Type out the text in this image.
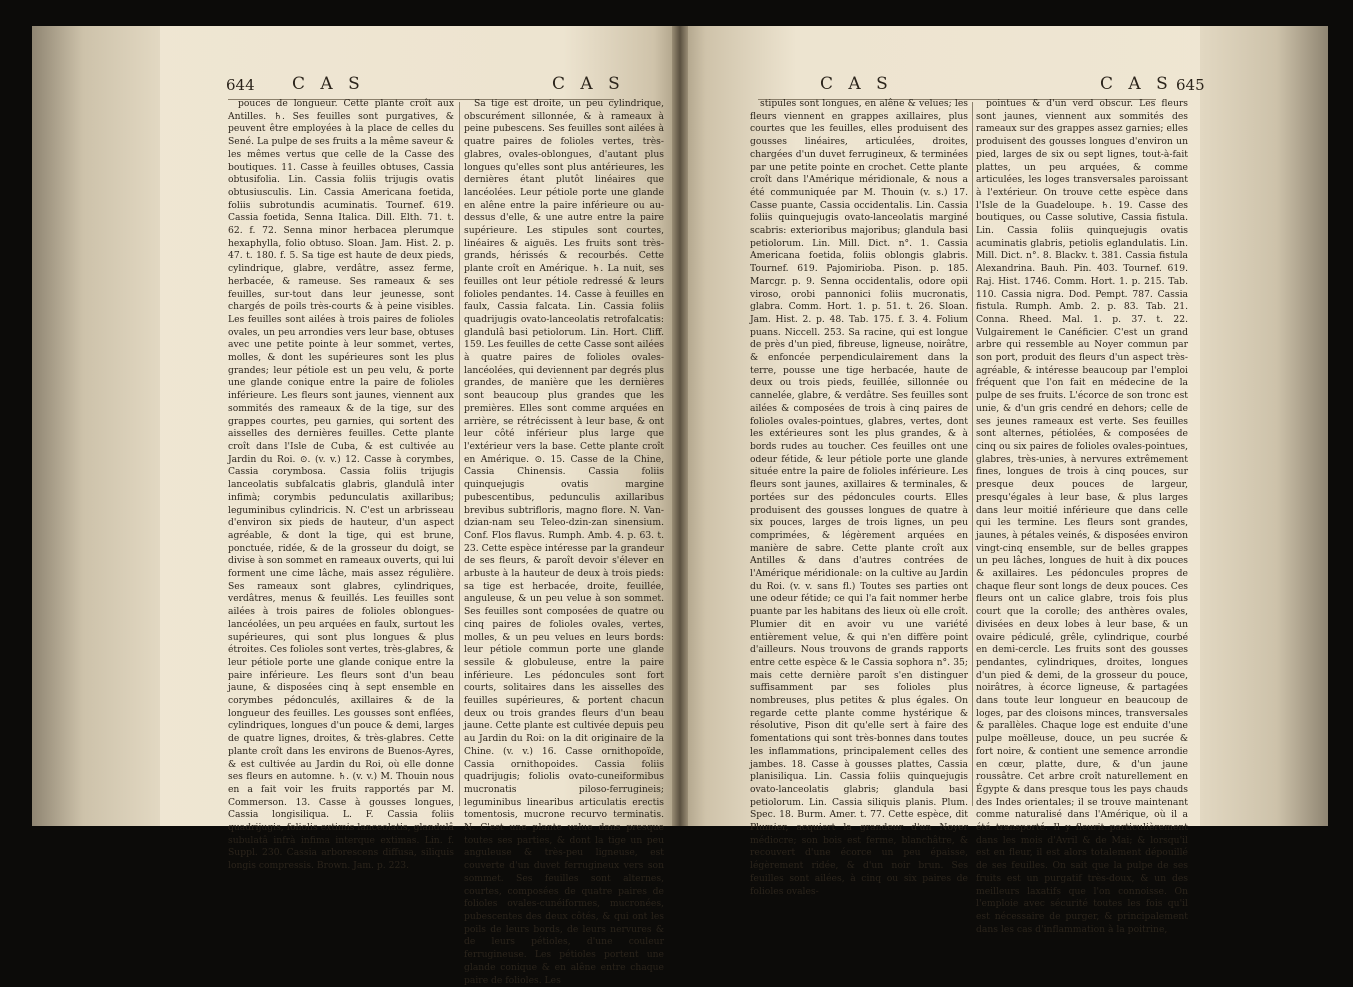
644 C A S	C A S

pouces de longueur. Cette plante croît aux Antilles. ♄. Ses feuilles sont purgatives, & peuvent être employées à la place de celles du Sené. La pulpe de ses fruits a la même saveur & les mêmes vertus que celle de la Casse des boutiques. 11. Casse à feuilles obtuses, Cassia obtusifolia. Lin. Cassia foliis trijugis ovatis obtusiusculis. Lin. Cassia Americana foetida, foliis subrotundis acuminatis. Tournef. 619. Cassia foetida, Senna Italica. Dill. Elth. 71. t. 62. f. 72. Senna minor herbacea plerumque hexaphylla, folio obtuso. Sloan. Jam. Hist. 2. p. 47. t. 180. f. 5. Sa tige est haute de deux pieds, cylindrique, glabre, verdâtre, assez ferme, herbacée, & rameuse. Ses rameaux & ses feuilles, sur-tout dans leur jeunesse, sont chargés de poils très-courts & à peine visibles. Les feuilles sont ailées à trois paires de folioles ovales, un peu arrondies vers leur base, obtuses avec une petite pointe à leur sommet, vertes, molles, & dont les supérieures sont les plus grandes; leur pétiole est un peu velu, & porte une glande conique entre la paire de folioles inférieure. Les fleurs sont jaunes, viennent aux sommités des rameaux & de la tige, sur des grappes courtes, peu garnies, qui sortent des aisselles des dernières feuilles. Cette plante croît dans l'Isle de Cuba, & est cultivée au Jardin du Roi. ⊙. (v. v.) 12. Casse à corymbes, Cassia corymbosa. Cassia foliis trijugis lanceolatis subfalcatis glabris, glandulâ inter infimà; corymbis pedunculatis axillaribus; leguminibus cylindricis. N. C'est un arbrisseau d'environ six pieds de hauteur, d'un aspect agréable, & dont la tige, qui est brune, ponctuée, ridée, & de la grosseur du doigt, se divise à son sommet en rameaux ouverts, qui lui forment une cime lâche, mais assez régulière. Ses rameaux sont glabres, cylindriques, verdâtres, menus & feuillés. Les feuilles sont ailées à trois paires de folioles oblongues-lancéolées, un peu arquées en faulx, surtout les supérieures, qui sont plus longues & plus étroites. Ces folioles sont vertes, très-glabres, & leur pétiole porte une glande conique entre la paire inférieure. Les fleurs sont d'un beau jaune, & disposées cinq à sept ensemble en corymbes pédonculés, axillaires & de la longueur des feuilles. Les gousses sont enflées, cylindriques, longues d'un pouce & demi, larges de quatre lignes, droites, & très-glabres. Cette plante croît dans les environs de Buenos-Ayres, & est cultivée au Jardin du Roi, où elle donne ses fleurs en automne. ♄. (v. v.) M. Thouin nous en a fait voir les fruits rapportés par M. Commerson. 13. Casse à gousses longues, Cassia longisiliqua. L. F. Cassia foliis quadrijugis, foliolis extimis lanceolatis, glandulâ subulatâ infrà infima interque extimas. Lin. f. Suppl. 230. Cassia arborescens diffusa, siliquis longis compressis. Brown. Jam. p. 223.

Sa tige est droite, un peu cylindrique, obscurément sillonnée, & à rameaux à peine pubescens. Ses feuilles sont ailées à quatre paires de folioles vertes, très-glabres, ovales-oblongues, d'autant plus longues qu'elles sont plus antérieures, les dernières étant plutôt linéaires que lancéolées. Leur pétiole porte une glande en alêne entre la paire inférieure ou au-dessus d'elle, & une autre entre la paire supérieure. Les stipules sont courtes, linéaires & aiguës. Les fruits sont très-grands, hérissés & recourbés. Cette plante croît en Amérique. ♄. La nuit, ses feuilles ont leur pétiole redressé & leurs folioles pendantes. 14. Casse à feuilles en faulx, Cassia falcata. Lin. Cassia foliis quadrijugis ovato-lanceolatis retrofalcatis: glandulâ basi petiolorum. Lin. Hort. Cliff. 159. Les feuilles de cette Casse sont ailées à quatre paires de folioles ovales-lancéolées, qui deviennent par degrés plus grandes, de manière que les dernières sont beaucoup plus grandes que les premières. Elles sont comme arquées en arrière, se rétrécissent à leur base, & ont leur côté inférieur plus large que l'extérieur vers la base. Cette plante croît en Amérique. ⊙. 15. Casse de la Chine, Cassia Chinensis. Cassia foliis quinquejugis ovatis margine pubescentibus, pedunculis axillaribus brevibus subtrifloris, magno flore. N. Van-dzian-nam seu Teleo-dzin-zan sinensium. Conf. Flos flavus. Rumph. Amb. 4. p. 63. t. 23. Cette espèce intéresse par la grandeur de ses fleurs, & paroît devoir s'élever en arbuste à la hauteur de deux à trois pieds: sa tige est herbacée, droite, feuillée, anguleuse, & un peu velue à son sommet. Ses feuilles sont composées de quatre ou cinq paires de folioles ovales, vertes, molles, & un peu velues en leurs bords: leur pétiole commun porte une glande sessile & globuleuse, entre la paire inférieure. Les pédoncules sont fort courts, solitaires dans les aisselles des feuilles supérieures, & portent chacun deux ou trois grandes fleurs d'un beau jaune. Cette plante est cultivée depuis peu au Jardin du Roi: on la dit originaire de la Chine. (v. v.) 16. Casse ornithopoïde, Cassia ornithopoides. Cassia foliis quadrijugis; foliolis ovato-cuneiformibus mucronatis piloso-ferrugineis; leguminibus linearibus articulatis erectis tomentosis, mucrone recurvo terminatis. N. C'est une plante velue dans presque toutes ses parties, & dont la tige un peu anguleuse & très-peu ligneuse, est couverte d'un duvet ferrugineux vers son sommet. Ses feuilles sont alternes, courtes, composées de quatre paires de folioles ovales-cunéiformes, mucronées, pubescentes des deux côtés, & qui ont les poils de leurs bords, de leurs nervures & de leurs pétioles, d'une couleur ferrugineuse. Les pétioles portent une glande conique & en alêne entre chaque paire de folioles. Les

C A S	C A S 645

stipules sont longues, en alêne & velues; les fleurs viennent en grappes axillaires, plus courtes que les feuilles, elles produisent des gousses linéaires, articulées, droites, chargées d'un duvet ferrugineux, & terminées par une petite pointe en crochet. Cette plante croît dans l'Amérique méridionale, & nous a été communiquée par M. Thouin (v. s.) 17. Casse puante, Cassia occidentalis. Lin. Cassia foliis quinquejugis ovato-lanceolatis marginé scabris: exterioribus majoribus; glandula basi petiolorum. Lin. Mill. Dict. n°. 1. Cassia Americana foetida, foliis oblongis glabris. Tournef. 619. Pajomirioba. Pison. p. 185. Marcgr. p. 9. Senna occidentalis, odore opii viroso, orobi pannonici foliis mucronatis, glabra. Comm. Hort. 1. p. 51. t. 26. Sloan. Jam. Hist. 2. p. 48. Tab. 175. f. 3. 4. Folium puans. Niccell. 253. Sa racine, qui est longue de près d'un pied, fibreuse, ligneuse, noirâtre, & enfoncée perpendiculairement dans la terre, pousse une tige herbacée, haute de deux ou trois pieds, feuillée, sillonnée ou cannelée, glabre, & verdâtre. Ses feuilles sont ailées & composées de trois à cinq paires de folioles ovales-pointues, glabres, vertes, dont les extérieures sont les plus grandes, & à bords rudes au toucher. Ces feuilles ont une odeur fétide, & leur pétiole porte une glande située entre la paire de folioles inférieure. Les fleurs sont jaunes, axillaires & terminales, & portées sur des pédoncules courts. Elles produisent des gousses longues de quatre à six pouces, larges de trois lignes, un peu comprimées, & légèrement arquées en manière de sabre. Cette plante croît aux Antilles & dans d'autres contrées de l'Amérique méridionale: on la cultive au Jardin du Roi. (v. v. sans fl.) Toutes ses parties ont une odeur fétide; ce qui l'a fait nommer herbe puante par les habitans des lieux où elle croît. Plumier dit en avoir vu une variété entièrement velue, & qui n'en diffère point d'ailleurs. Nous trouvons de grands rapports entre cette espèce & le Cassia sophora n°. 35; mais cette dernière paroît s'en distinguer suffisamment par ses folioles plus nombreuses, plus petites & plus égales. On regarde cette plante comme hystérique & résolutive, Pison dit qu'elle sert à faire des fomentations qui sont très-bonnes dans toutes les inflammations, principalement celles des jambes. 18. Casse à gousses plattes, Cassia planisiliqua. Lin. Cassia foliis quinquejugis ovato-lanceolatis glabris; glandula basi petiolorum. Lin. Cassia siliquis planis. Plum. Spec. 18. Burm. Amer. t. 77. Cette espèce, dit Plumier, acquiert la grandeur d'un Noyer médiocre; son bois est ferme, blanchâtre, & recouvert d'une écorce un peu épaisse, légèrement ridée, & d'un noir brun. Ses feuilles sont ailées, à cinq ou six paires de folioles ovales-

pointues & d'un verd obscur. Les fleurs sont jaunes, viennent aux sommités des rameaux sur des grappes assez garnies; elles produisent des gousses longues d'environ un pied, larges de six ou sept lignes, tout-à-fait plattes, un peu arquées, & comme articulées, les loges transversales paroissant à l'extérieur. On trouve cette espèce dans l'Isle de la Guadeloupe. ♄. 19. Casse des boutiques, ou Casse solutive, Cassia fistula. Lin. Cassia foliis quinquejugis ovatis acuminatis glabris, petiolis eglandulatis. Lin. Mill. Dict. n°. 8. Blackv. t. 381. Cassia fistula Alexandrina. Bauh. Pin. 403. Tournef. 619. Raj. Hist. 1746. Comm. Hort. 1. p. 215. Tab. 110. Cassia nigra. Dod. Pempt. 787. Cassia fistula. Rumph. Amb. 2. p. 83. Tab. 21. Conna. Rheed. Mal. 1. p. 37. t. 22. Vulgairement le Canéficier. C'est un grand arbre qui ressemble au Noyer commun par son port, produit des fleurs d'un aspect très-agréable, & intéresse beaucoup par l'emploi fréquent que l'on fait en médecine de la pulpe de ses fruits. L'écorce de son tronc est unie, & d'un gris cendré en dehors; celle de ses jeunes rameaux est verte. Ses feuilles sont alternes, pétiolées, & composées de cinq ou six paires de folioles ovales-pointues, glabres, très-unies, à nervures extrêmement fines, longues de trois à cinq pouces, sur presque deux pouces de largeur, presqu'égales à leur base, & plus larges dans leur moitié inférieure que dans celle qui les termine. Les fleurs sont grandes, jaunes, à pétales veinés, & disposées environ vingt-cinq ensemble, sur de belles grappes un peu lâches, longues de huit à dix pouces & axillaires. Les pédoncules propres de chaque fleur sont longs de deux pouces. Ces fleurs ont un calice glabre, trois fois plus court que la corolle; des anthères ovales, divisées en deux lobes à leur base, & un ovaire pédiculé, grêle, cylindrique, courbé en demi-cercle. Les fruits sont des gousses pendantes, cylindriques, droites, longues d'un pied & demi, de la grosseur du pouce, noirâtres, à écorce ligneuse, & partagées dans toute leur longueur en beaucoup de loges, par des cloisons minces, transversales & parallèles. Chaque loge est enduite d'une pulpe moëlleuse, douce, un peu sucrée & fort noire, & contient une semence arrondie en cœur, platte, dure, & d'un jaune roussâtre. Cet arbre croît naturellement en Égypte & dans presque tous les pays chauds des Indes orientales; il se trouve maintenant comme naturalisé dans l'Amérique, où il a été transporté. Il y fleurit particulièrement dans les mois d'Avril & de Mai; & lorsqu'il est en fleur, il est alors totalement dépouillé de ses feuilles. On sait que la pulpe de ses fruits est un purgatif très-doux, & un des meilleurs laxatifs que l'on connoisse. On l'emploie avec sécurité toutes les fois qu'il est nécessaire de purger, & principalement dans les cas d'inflammation à la poitrine,
